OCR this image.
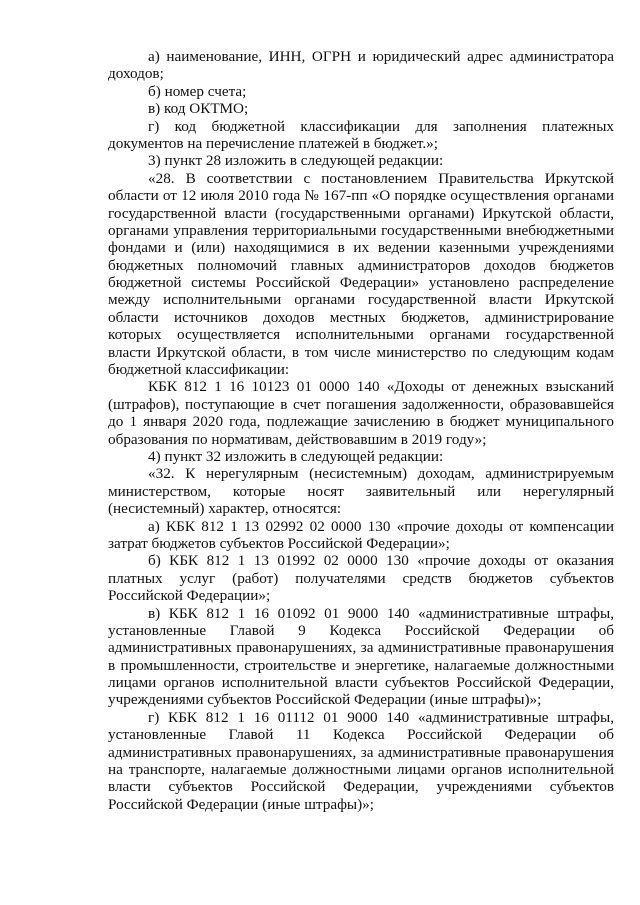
а) наименование, ИНН, ОГРН и юридический адрес администратора
доходов;
б) номер счета;
в) код ОКТМО;
г) код бюджетной классификации для заполнения платежных
документов на перечисление платежей в бюджет.»;
3) пункт 28 изложить в следующей редакции:
«28. В соответствии с постановлением Правительства Иркутской
области от 12 июля 2010 года № 167-пп «О порядке осуществления органами
государственной власти (государственными органами) Иркутской области,
органами управления территориальными государственными внебюджетными
фондами и (или) находящимися в их ведении казенными учреждениями
бюджетных полномочий главных администраторов доходов бюджетов
бюджетной системы Российской Федерации» установлено распределение
между исполнительными органами государственной власти Иркутской
области источников доходов местных бюджетов, администрирование
которых осуществляется исполнительными органами государственной
власти Иркутской области, в том числе министерство по следующим кодам
бюджетной классификации:
КБК 812 1 16 10123 01 0000 140 «Доходы от денежных взысканий
(штрафов), поступающие в счет погашения задолженности, образовавшейся
до 1 января 2020 года, подлежащие зачислению в бюджет муниципального
образования по нормативам, действовавшим в 2019 году»;
4) пункт 32 изложить в следующей редакции:
«32. К нерегулярным (несистемным) доходам, администрируемым
министерством, которые носят заявительный или нерегулярный
(несистемный) характер, относятся:
а) КБК 812 1 13 02992 02 0000 130 «прочие доходы от компенсации
затрат бюджетов субъектов Российской Федерации»;
б) КБК 812 1 13 01992 02 0000 130 «прочие доходы от оказания
платных услуг (работ) получателями средств бюджетов субъектов
Российской Федерации»;
в) КБК 812 1 16 01092 01 9000 140 «административные штрафы,
установленные Главой 9 Кодекса Российской Федерации об
административных правонарушениях, за административные правонарушения
в промышленности, строительстве и энергетике, налагаемые должностными
лицами органов исполнительной власти субъектов Российской Федерации,
учреждениями субъектов Российской Федерации (иные штрафы)»;
г) КБК 812 1 16 01112 01 9000 140 «административные штрафы,
установленные Главой 11 Кодекса Российской Федерации об
административных правонарушениях, за административные правонарушения
на транспорте, налагаемые должностными лицами органов исполнительной
власти субъектов Российской Федерации, учреждениями субъектов
Российской Федерации (иные штрафы)»;
